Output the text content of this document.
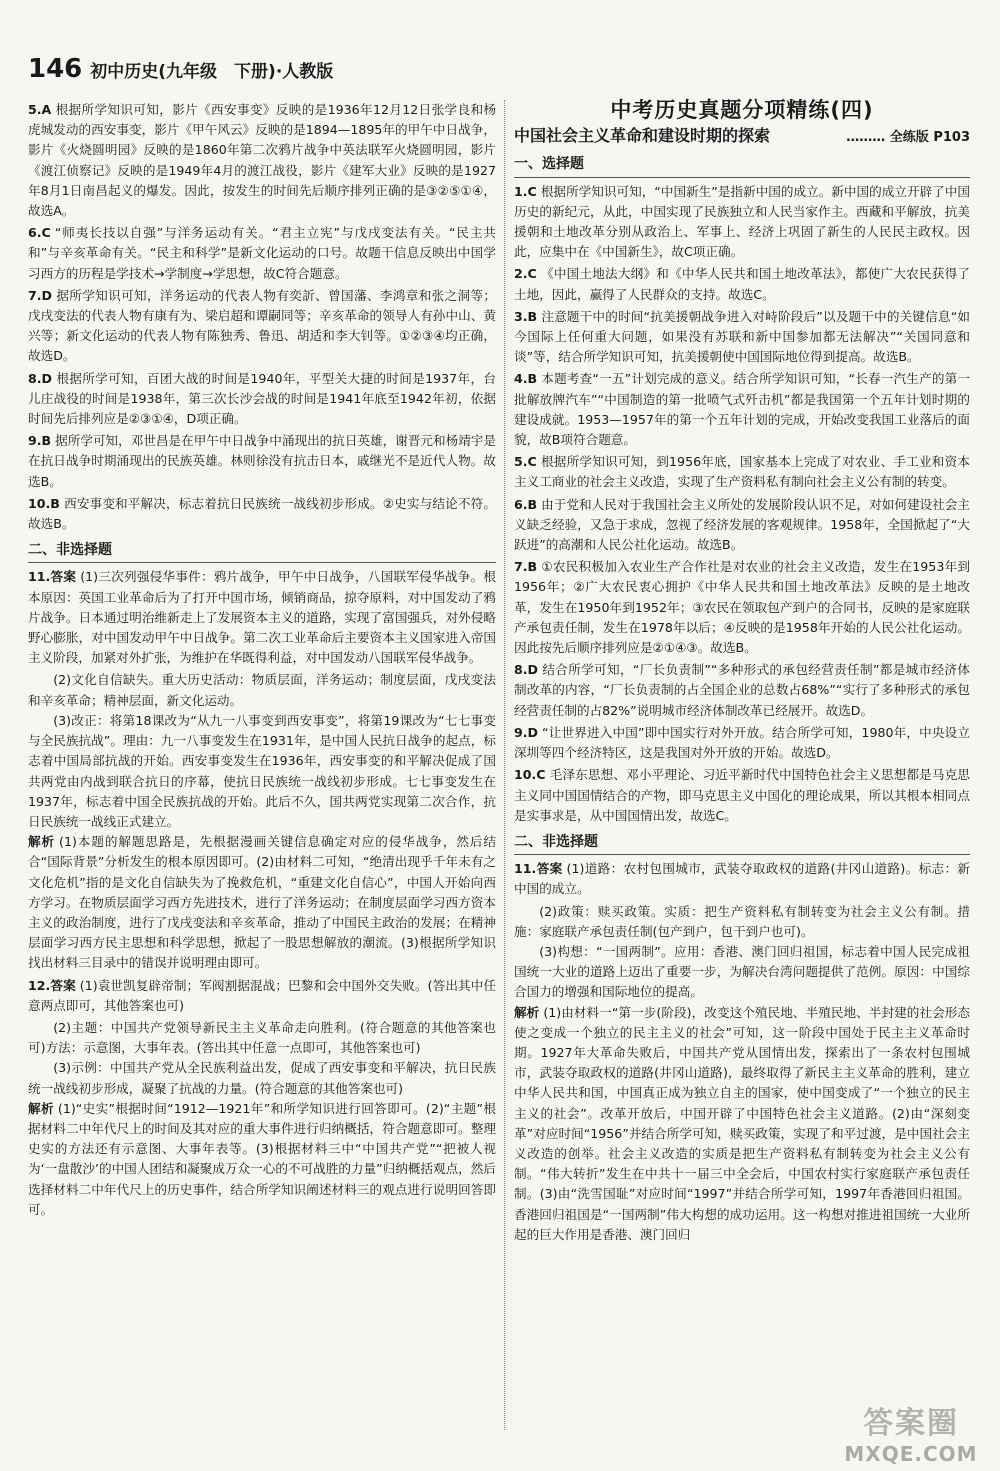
146 初中历史(九年级　下册)·人教版
5.A 根据所学知识可知，影片《西安事变》反映的是1936年12月12日张学良和杨虎城发动的西安事变，影片《甲午风云》反映的是1894—1895年的甲午中日战争，影片《火烧圆明园》反映的是1860年第二次鸦片战争中英法联军火烧圆明园，影片《渡江侦察记》反映的是1949年4月的渡江战役，影片《建军大业》反映的是1927年8月1日南昌起义的爆发。因此，按发生的时间先后顺序排列正确的是③②⑤①④，故选A。
6.C “师夷长技以自强”与洋务运动有关。“君主立宪”与戊戌变法有关。“民主共和”与辛亥革命有关。“民主和科学”是新文化运动的口号。故题干信息反映出中国学习西方的历程是学技术→学制度→学思想，故C符合题意。
7.D 据所学知识可知，洋务运动的代表人物有奕訢、曾国藩、李鸿章和张之洞等；戊戌变法的代表人物有康有为、梁启超和谭嗣同等；辛亥革命的领导人有孙中山、黄兴等；新文化运动的代表人物有陈独秀、鲁迅、胡适和李大钊等。①②③④均正确，故选D。
8.D 根据所学可知，百团大战的时间是1940年，平型关大捷的时间是1937年，台儿庄战役的时间是1938年，第三次长沙会战的时间是1941年底至1942年初，依据时间先后排列应是②③①④，D项正确。
9.B 据所学可知，邓世昌是在甲午中日战争中涌现出的抗日英雄，谢晋元和杨靖宇是在抗日战争时期涌现出的民族英雄。林则徐没有抗击日本，戚继光不是近代人物。故选B。
10.B 西安事变和平解决，标志着抗日民族统一战线初步形成。②史实与结论不符。故选B。
二、非选择题
11.答案 (1)三次列强侵华事件：鸦片战争，甲午中日战争，八国联军侵华战争。根本原因：英国工业革命后为了打开中国市场，倾销商品，掠夺原料，对中国发动了鸦片战争。日本通过明治维新走上了发展资本主义的道路，实现了富国强兵，对外侵略野心膨胀，对中国发动甲午中日战争。第二次工业革命后主要资本主义国家进入帝国主义阶段，加紧对外扩张，为维护在华既得利益，对中国发动八国联军侵华战争。

(2)文化自信缺失。重大历史活动：物质层面，洋务运动；制度层面，戊戌变法和辛亥革命；精神层面，新文化运动。

(3)改正：将第18课改为“从九一八事变到西安事变”，将第19课改为“七七事变与全民族抗战”。理由：九一八事变发生在1931年，是中国人民抗日战争的起点，标志着中国局部抗战的开始。西安事变发生在1936年，西安事变的和平解决促成了国共两党由内战到联合抗日的序幕，使抗日民族统一战线初步形成。七七事变发生在1937年，标志着中国全民族抗战的开始。此后不久，国共两党实现第二次合作，抗日民族统一战线正式建立。

解析 (1)本题的解题思路是，先根据漫画关键信息确定对应的侵华战争，然后结合“国际背景”分析发生的根本原因即可。(2)由材料二可知，“绝清出现乎千年未有之文化危机”指的是文化自信缺失为了挽救危机，“重建文化自信心”，中国人开始向西方学习。在物质层面学习西方先进技术，进行了洋务运动；在制度层面学习西方资本主义的政治制度，进行了戊戌变法和辛亥革命，推动了中国民主政治的发展；在精神层面学习西方民主思想和科学思想，掀起了一股思想解放的潮流。(3)根据所学知识找出材料三目录中的错误并说明理由即可。
12.答案 (1)袁世凯复辟帝制；军阀割据混战；巴黎和会中国外交失败。(答出其中任意两点即可，其他答案也可)

(2)主题：中国共产党领导新民主主义革命走向胜利。(符合题意的其他答案也可)方法：示意图，大事年表。(答出其中任意一点即可，其他答案也可)

(3)示例：中国共产党从全民族利益出发，促成了西安事变和平解决，抗日民族统一战线初步形成，凝聚了抗战的力量。(符合题意的其他答案也可)

解析 (1)“史实”根据时间“1912—1921年”和所学知识进行回答即可。(2)“主题”根据材料二中年代尺上的时间及其对应的重大事件进行归纳概括，符合题意即可。整理史实的方法还有示意图、大事年表等。(3)根据材料三中“中国共产党”“把被人视为‘一盘散沙’的中国人团结和凝聚成万众一心的不可战胜的力量”归纳概括观点，然后选择材料二中年代尺上的历史事件，结合所学知识阐述材料三的观点进行说明回答即可。
中考历史真题分项精练(四)
中国社会主义革命和建设时期的探索	……… 全练版 P103
一、选择题
1.C 根据所学知识可知，“中国新生”是指新中国的成立。新中国的成立开辟了中国历史的新纪元，从此，中国实现了民族独立和人民当家作主。西藏和平解放，抗美援朝和土地改革分别从政治上、军事上、经济上巩固了新生的人民民主政权。因此，应集中在《中国新生》，故C项正确。
2.C 《中国土地法大纲》和《中华人民共和国土地改革法》，都使广大农民获得了土地，因此，赢得了人民群众的支持。故选C。
3.B 注意题干中的时间“抗美援朝战争进入对峙阶段后”以及题干中的关键信息“如今国际上任何重大问题，如果没有苏联和新中国参加都无法解决”“关国同意和谈”等，结合所学知识可知，抗美援朝使中国国际地位得到提高。故选B。
4.B 本题考查“一五”计划完成的意义。结合所学知识可知，“长春一汽生产的第一批解放牌汽车”“中国制造的第一批喷气式歼击机”都是我国第一个五年计划时期的建设成就。1953—1957年的第一个五年计划的完成，开始改变我国工业落后的面貌，故B项符合题意。
5.C 根据所学知识可知，到1956年底，国家基本上完成了对农业、手工业和资本主义工商业的社会主义改造，实现了生产资料私有制向社会主义公有制的转变。
6.B 由于党和人民对于我国社会主义所处的发展阶段认识不足，对如何建设社会主义缺乏经验，又急于求成，忽视了经济发展的客观规律。1958年，全国掀起了“大跃进”的高潮和人民公社化运动。故选B。
7.B ①农民积极加入农业生产合作社是对农业的社会主义改造，发生在1953年到1956年；②广大农民衷心拥护《中华人民共和国土地改革法》反映的是土地改革，发生在1950年到1952年；③农民在领取包产到户的合同书，反映的是家庭联产承包责任制，发生在1978年以后；④反映的是1958年开始的人民公社化运动。因此按先后顺序排列应是②①④③。故选B。
8.D 结合所学可知，“厂长负责制”“多种形式的承包经营责任制”都是城市经济体制改革的内容，“厂长负责制的占全国企业的总数占68%”“实行了多种形式的承包经营责任制的占82%”说明城市经济体制改革已经展开。故选D。
9.D “让世界进入中国”即中国实行对外开放。结合所学可知，1980年，中央设立深圳等四个经济特区，这是我国对外开放的开始。故选D。
10.C 毛泽东思想、邓小平理论、习近平新时代中国特色社会主义思想都是马克思主义同中国国情结合的产物，即马克思主义中国化的理论成果，所以其根本相同点是实事求是，从中国国情出发，故选C。
二、非选择题
11.答案 (1)道路：农村包围城市，武装夺取政权的道路(井冈山道路)。标志：新中国的成立。

(2)政策：赎买政策。实质：把生产资料私有制转变为社会主义公有制。措施：家庭联产承包责任制(包产到户，包干到户也可)。

(3)构想：“一国两制”。应用：香港、澳门回归祖国，标志着中国人民完成祖国统一大业的道路上迈出了重要一步，为解决台湾问题提供了范例。原因：中国综合国力的增强和国际地位的提高。

解析 (1)由材料一“第一步(阶段)，改变这个殖民地、半殖民地、半封建的社会形态使之变成一个独立的民主主义的社会”可知，这一阶段中国处于民主主义革命时期。1927年大革命失败后，中国共产党从国情出发，探索出了一条农村包围城市，武装夺取政权的道路(井冈山道路)，最终取得了新民主主义革命的胜利，建立中华人民共和国，中国真正成为独立自主的国家，使中国变成了“一个独立的民主主义的社会”。改革开放后，中国开辟了中国特色社会主义道路。(2)由“深刻变革”对应时间“1956”并结合所学可知，赎买政策，实现了和平过渡，是中国社会主义改造的创举。社会主义改造的实质是把生产资料私有制转变为社会主义公有制。“伟大转折”发生在中共十一届三中全会后，中国农村实行家庭联产承包责任制。(3)由“洗雪国耻”对应时间“1997”并结合所学可知，1997年香港回归祖国。香港回归祖国是“一国两制”伟大构想的成功运用。这一构想对推进祖国统一大业所起的巨大作用是香港、澳门回归
答案圈
MXQE.COM
